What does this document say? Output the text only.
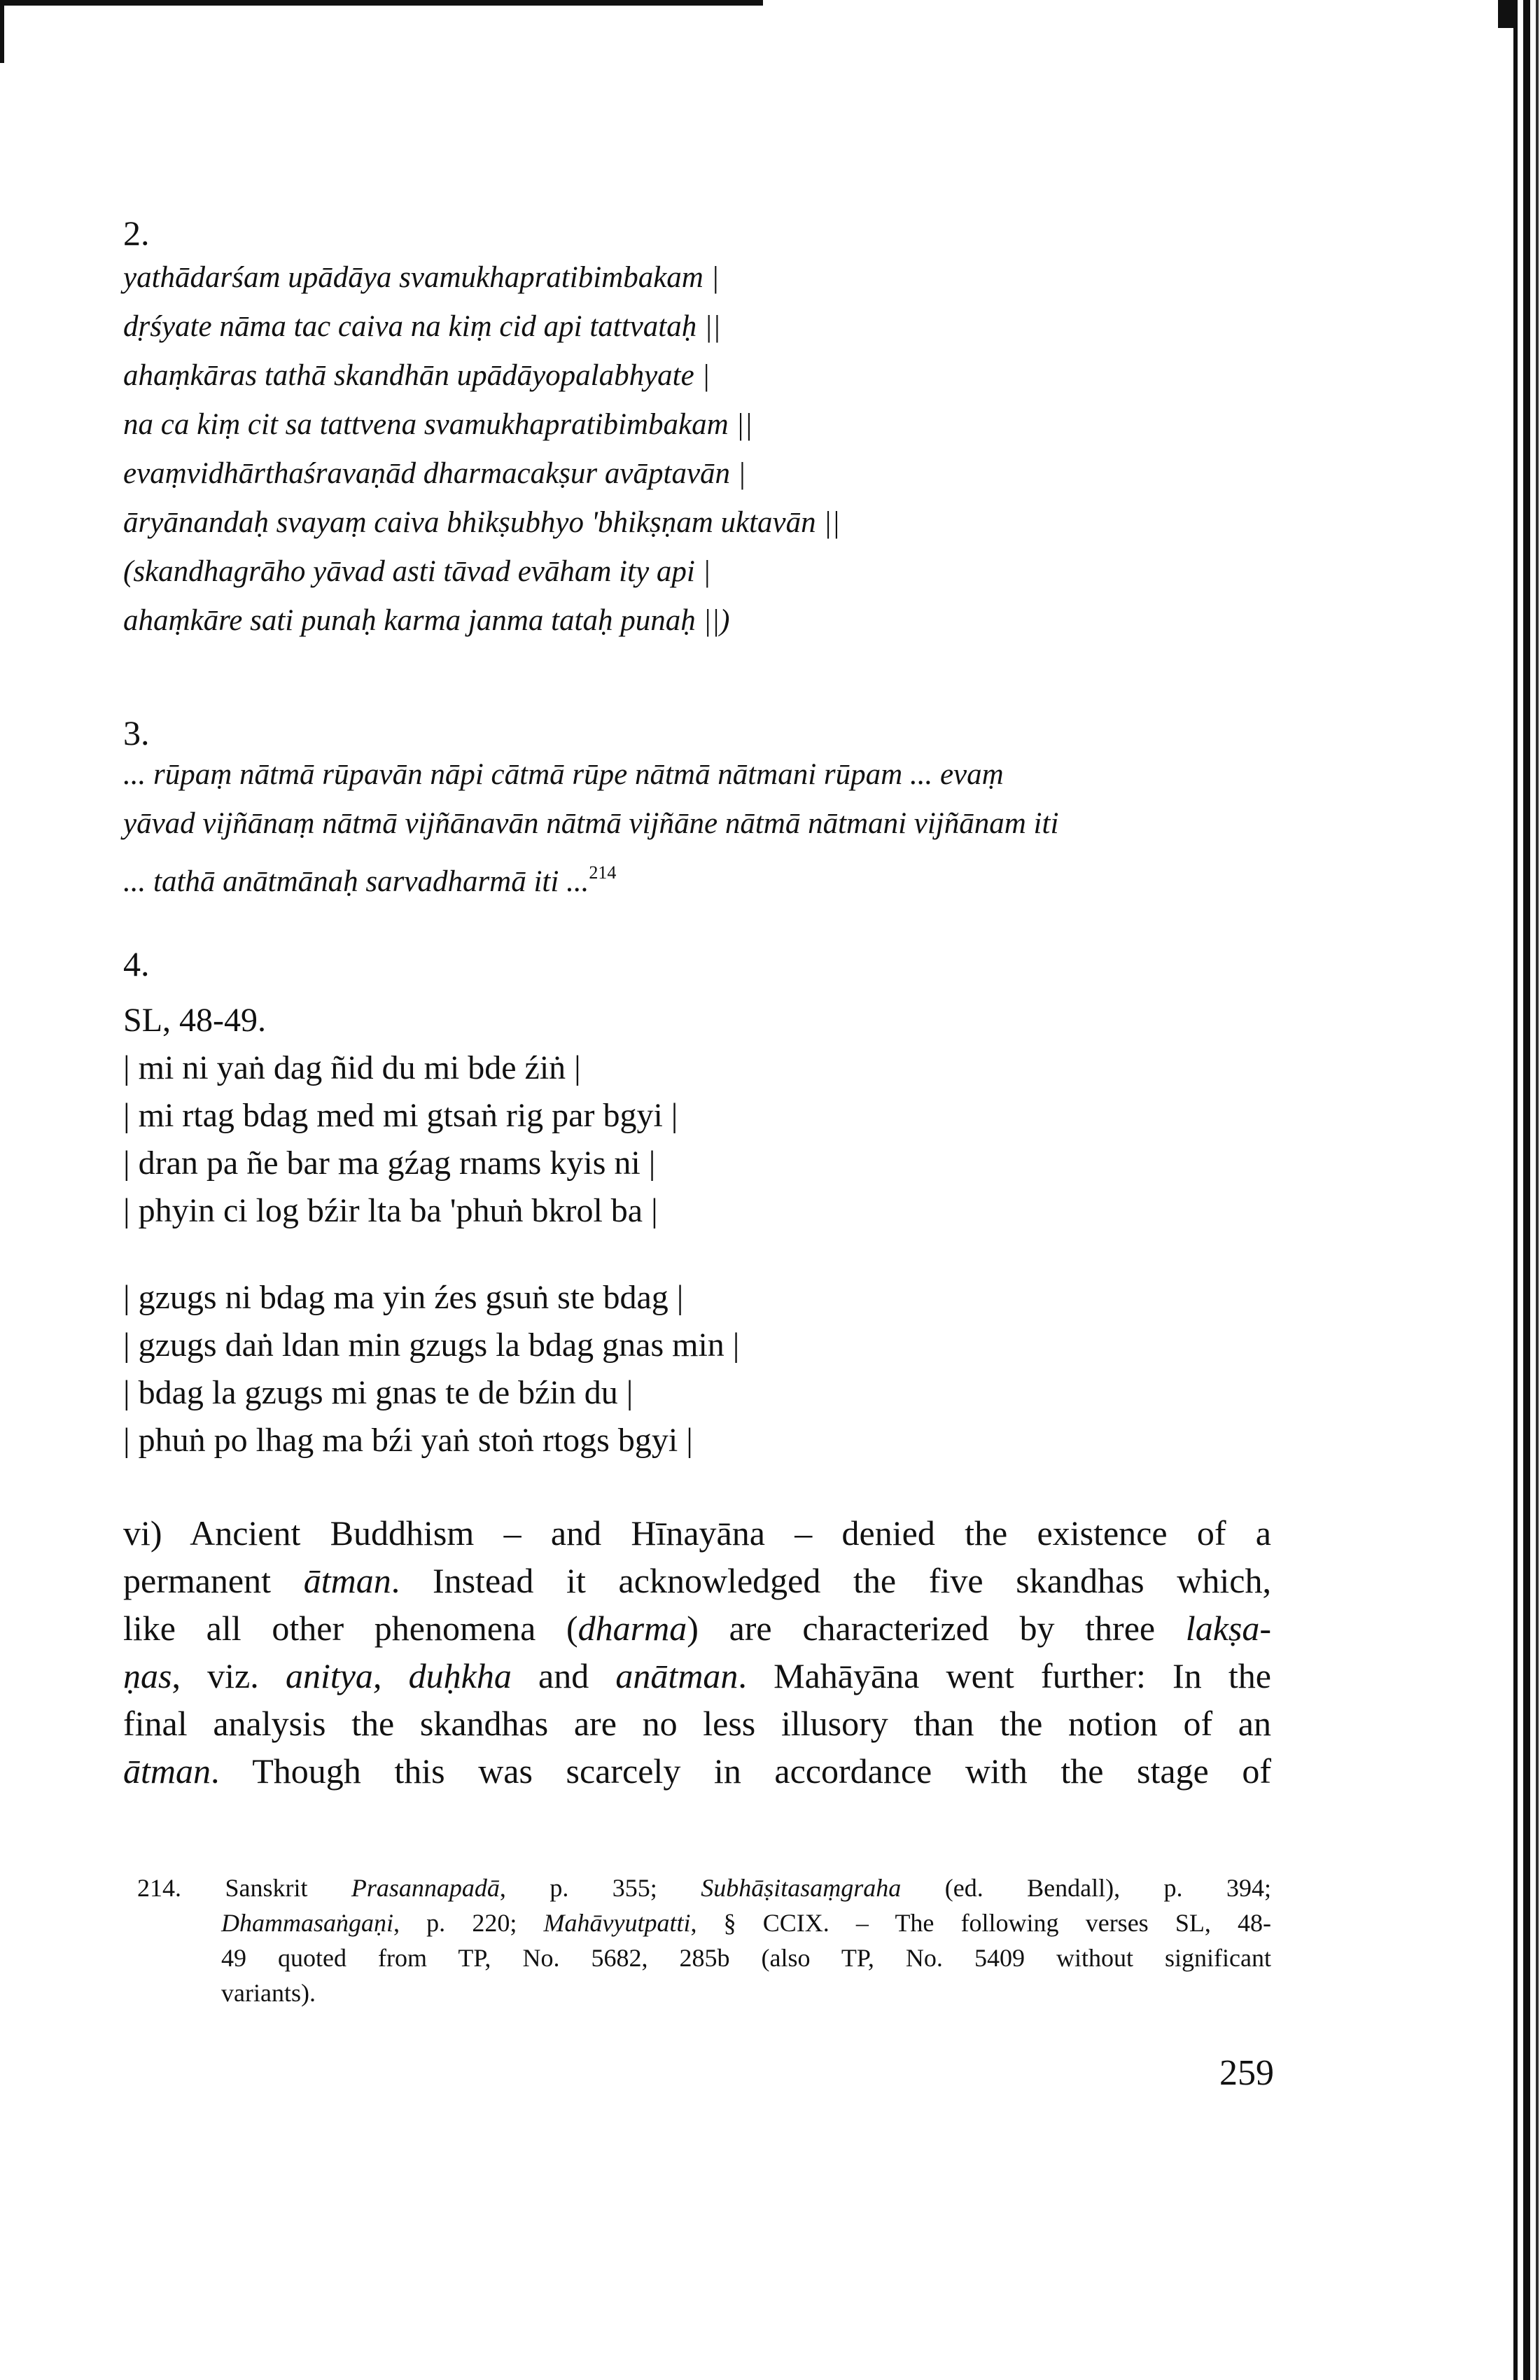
2.
yathādarśam upādāya svamukhapratibimbakam |
dṛśyate nāma tac caiva na kiṃ cid api tattvataḥ ||
ahaṃkāras tathā skandhān upādāyopalabhyate |
na ca kiṃ cit sa tattvena svamukhapratibimbakam ||
evaṃvidhārthaśravaṇād dharmacakṣur avāptavān |
āryānandaḥ svayaṃ caiva bhikṣubhyo 'bhikṣṇam uktavān ||
(skandhagrāho yāvad asti tāvad evāham ity api |
ahaṃkāre sati punaḥ karma janma tataḥ punaḥ ||)
3.
... rūpaṃ nātmā rūpavān nāpi cātmā rūpe nātmā nātmani rūpam ... evaṃ
yāvad vijñānaṃ nātmā vijñānavān nātmā vijñāne nātmā nātmani vijñānam iti
... tathā anātmānaḥ sarvadharmā iti ...$^{214}$
4.
SL, 48-49.
| mi ni yaṅ dag ñid du mi bde źiṅ |
| mi rtag bdag med mi gtsaṅ rig par bgyi |
| dran pa ñe bar ma gźag rnams kyis ni |
| phyin ci log bźir lta ba 'phuṅ bkrol ba |
| gzugs ni bdag ma yin źes gsuṅ ste bdag |
| gzugs daṅ ldan min gzugs la bdag gnas min |
| bdag la gzugs mi gnas te de bźin du |
| phuṅ po lhag ma bźi yaṅ stoṅ rtogs bgyi |
vi) Ancient Buddhism – and Hīnayāna – denied the existence of a
permanent ātman. Instead it acknowledged the five skandhas which,
like all other phenomena (dharma) are characterized by three lakṣa-
ṇas, viz. anitya, duḥkha and anātman. Mahāyāna went further: In the
final analysis the skandhas are no less illusory than the notion of an
ātman. Though this was scarcely in accordance with the stage of
214. Sanskrit Prasannapadā, p. 355; Subhāṣitasaṃgraha (ed. Bendall), p. 394;
Dhammasaṅgaṇi, p. 220; Mahāvyutpatti, § CCIX. – The following verses SL, 48-
49 quoted from TP, No. 5682, 285b (also TP, No. 5409 without significant
variants).
259
